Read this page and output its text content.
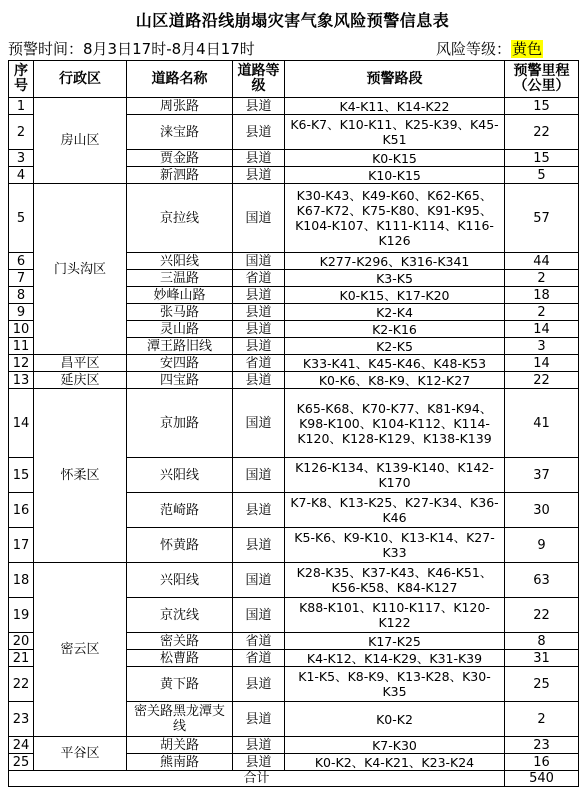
山区道路沿线崩塌灾害气象风险预警信息表
预警时间：8月3日17时-8月4日17时	风险等级：黄色
序号	行政区	道路名称	道路等级	预警路段	预警里程（公里）
1	房山区	周张路	县道	K4-K11、K14-K22	15
2		涞宝路	县道	K6-K7、K10-K11、K25-K39、K45-K51	22
3		贾金路	县道	K0-K15	15
4		新泗路	县道	K10-K15	5
5	门头沟区	京拉线	国道	K30-K43、K49-K60、K62-K65、K67-K72、K75-K80、K91-K95、K104-K107、K111-K114、K116-K126	57
6		兴阳线	国道	K277-K296、K316-K341	44
7		三温路	省道	K3-K5	2
8		妙峰山路	县道	K0-K15、K17-K20	18
9		张马路	县道	K2-K4	2
10		灵山路	县道	K2-K16	14
11		潭王路旧线	县道	K2-K5	3
12	昌平区	安四路	省道	K33-K41、K45-K46、K48-K53	14
13	延庆区	四宝路	县道	K0-K6、K8-K9、K12-K27	22
14	怀柔区	京加路	国道	K65-K68、K70-K77、K81-K94、K98-K100、K104-K112、K114-K120、K128-K129、K138-K139	41
15		兴阳线	国道	K126-K134、K139-K140、K142-K170	37
16		范崎路	县道	K7-K8、K13-K25、K27-K34、K36-K46	30
17		怀黄路	县道	K5-K6、K9-K10、K13-K14、K27-K33	9
18	密云区	兴阳线	国道	K28-K35、K37-K43、K46-K51、K56-K58、K84-K127	63
19		京沈线	国道	K88-K101、K110-K117、K120-K122	22
20		密关路	省道	K17-K25	8
21		松曹路	省道	K4-K12、K14-K29、K31-K39	31
22		黄下路	县道	K1-K5、K8-K9、K13-K28、K30-K35	25
23		密关路黑龙潭支线	县道	K0-K2	2
24	平谷区	胡关路	县道	K7-K30	23
25		熊南路	县道	K0-K2、K4-K21、K23-K24	16
合计					540
